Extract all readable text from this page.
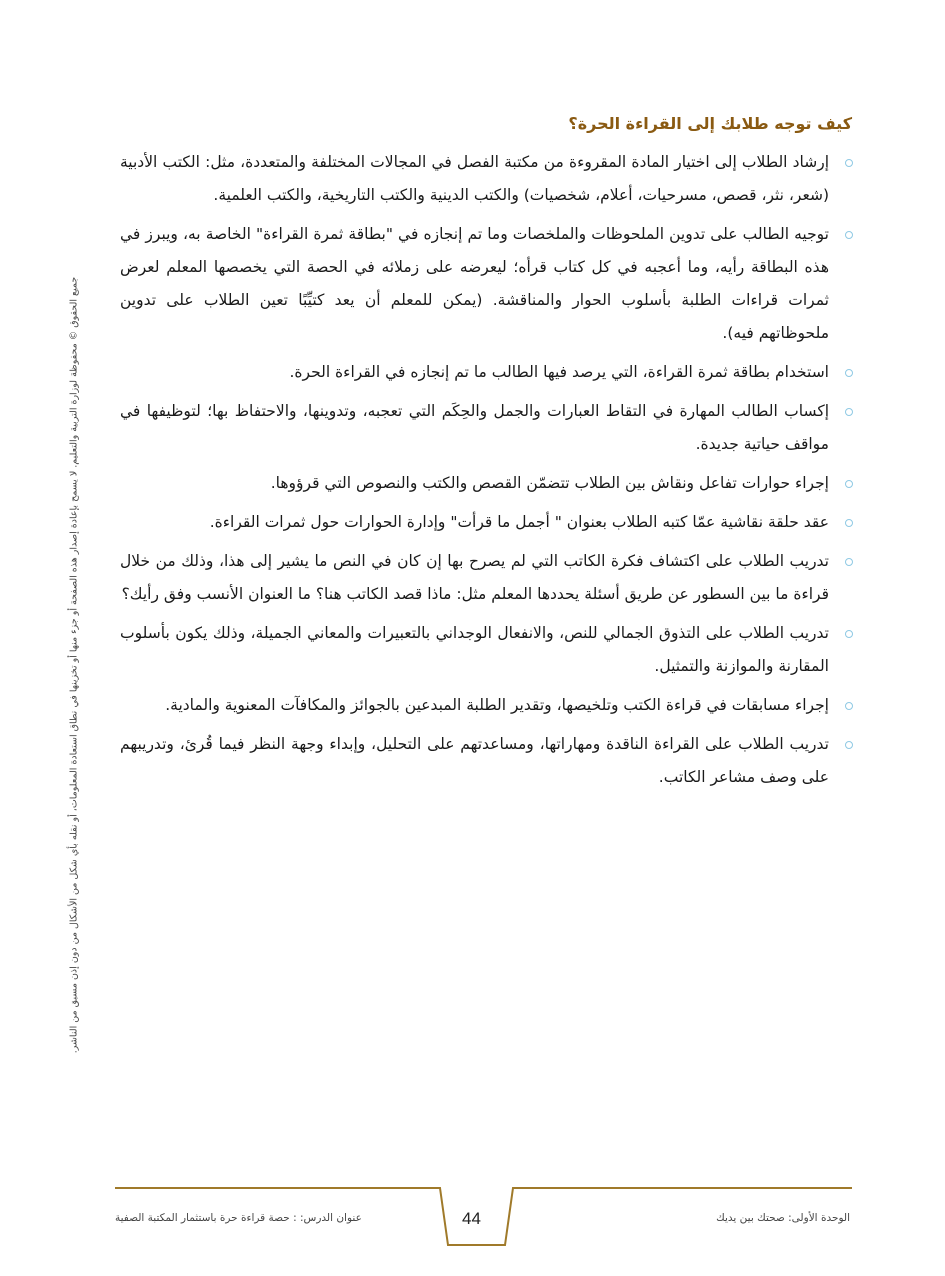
كيف توجه طلابك إلى القراءة الحرة؟
إرشاد الطلاب إلى اختيار المادة المقروءة من مكتبة الفصل في المجالات المختلفة والمتعددة، مثل: الكتب الأدبية (شعر، نثر، قصص، مسرحيات، أعلام، شخصيات) والكتب الدينية والكتب التاريخية، والكتب العلمية.
توجيه الطالب على تدوين الملحوظات والملخصات وما تم إنجازه في "بطاقة ثمرة القراءة" الخاصة به، ويبرز في هذه البطاقة رأيه، وما أعجبه في كل كتاب قرأه؛ ليعرضه على زملائه في الحصة التي يخصصها المعلم لعرض ثمرات قراءات الطلبة بأسلوب الحوار والمناقشة. (يمكن للمعلم أن يعد كتيِّبًا تعين الطلاب على تدوين ملحوظاتهم فيه).
استخدام بطاقة ثمرة القراءة، التي يرصد فيها الطالب ما تم إنجازه في القراءة الحرة.
إكساب الطالب المهارة في التقاط العبارات والجمل والحِكَم التي تعجبه، وتدوينها، والاحتفاظ بها؛ لتوظيفها في مواقف حياتية جديدة.
إجراء حوارات تفاعل ونقاش بين الطلاب تتضمّن القصص والكتب والنصوص التي قرؤوها.
عقد حلقة نقاشية عمّا كتبه الطلاب بعنوان " أجمل ما قرأت" وإدارة الحوارات حول ثمرات القراءة.
تدريب الطلاب على اكتشاف فكرة الكاتب التي لم يصرح بها إن كان في النص ما يشير إلى هذا، وذلك من خلال قراءة ما بين السطور عن طريق أسئلة يحددها المعلم مثل: ماذا قصد الكاتب هنا؟ ما العنوان الأنسب وفق رأيك؟
تدريب الطلاب على التذوق الجمالي للنص، والانفعال الوجداني بالتعبيرات والمعاني الجميلة، وذلك يكون بأسلوب المقارنة والموازنة والتمثيل.
إجراء مسابقات في قراءة الكتب وتلخيصها، وتقدير الطلبة المبدعين بالجوائز والمكافآت المعنوية والمادية.
تدريب الطلاب على القراءة الناقدة ومهاراتها، ومساعدتهم على التحليل، وإبداء وجهة النظر فيما قُرئ، وتدريبهم على وصف مشاعر الكاتب.
جميع الحقوق © محفوظة لوزارة التربية والتعليم. لا يسمح بإعادة إصدار هذه الصفحة أو جزء منها أو تخزينها في نطاق استعادة المعلومات، أو نقله بأي شكل من الأشكال من دون إذن مسبق من الناشر.
الوحدة الأولى: صحتك بين يديك
عنوان الدرس: : حصة قراءة حرة باستثمار المكتبة الصفية	44
